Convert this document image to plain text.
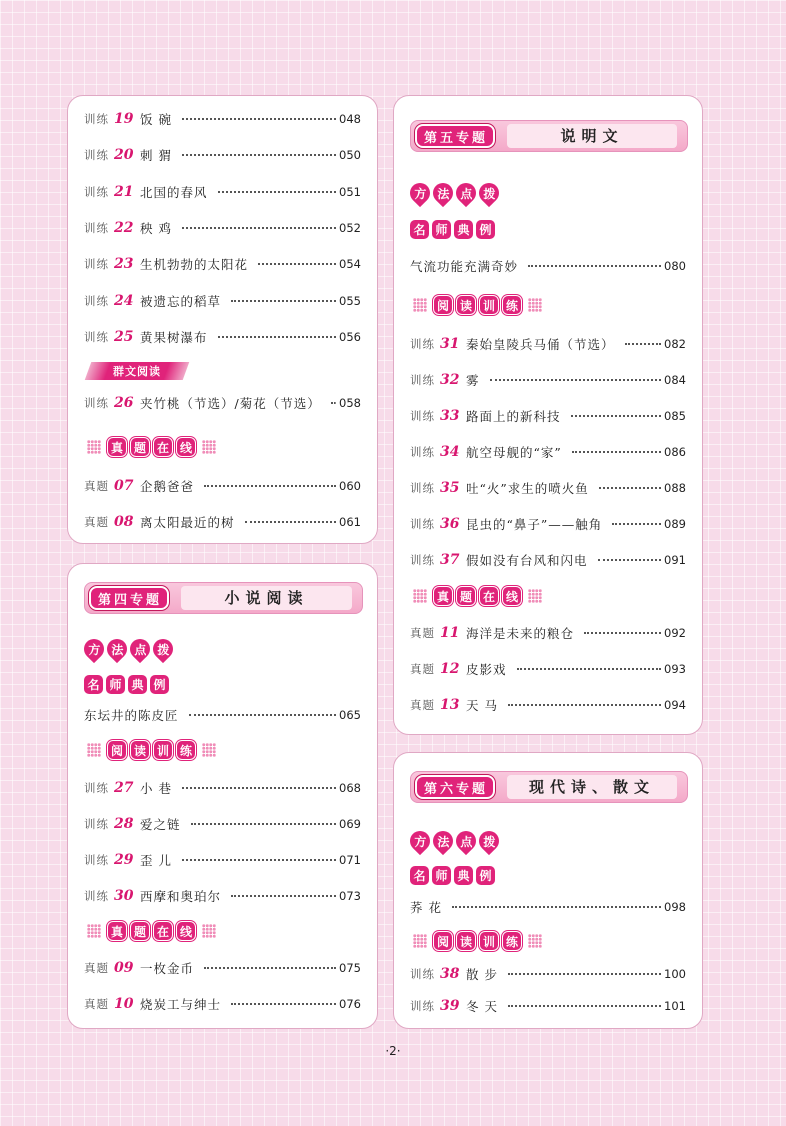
训练 19 饭 碗	048
训练 20 刺 猬	050
训练 21 北国的春风	051
训练 22 秧 鸡	052
训练 23 生机勃勃的太阳花	054
训练 24 被遗忘的稻草	055
训练 25 黄果树瀑布	056
群文阅读
训练 26 夹竹桃（节选）/菊花（节选） 058
真 题 在 线
真题 07 企鹅爸爸	060
真题 08 离太阳最近的树	061
第 四 专 题	小说阅读
方 法 点 拨
名 师 典 例
东坛井的陈皮匠	065
阅 读 训 练
训练 27 小 巷	068
训练 28 爱之链	069
训练 29 歪 儿	071
训练 30 西摩和奥珀尔	073
真 题 在 线
真题 09 一枚金币	075
真题 10 烧炭工与绅士	076
第 五 专 题	说明文
方 法 点 拨
名 师 典 例
气流功能充满奇妙	080
阅 读 训 练
训练 31 秦始皇陵兵马俑（节选）	082
训练 32 雾	084
训练 33 路面上的新科技	085
训练 34 航空母舰的“家”	086
训练 35 吐“火”求生的喷火鱼	088
训练 36 昆虫的“鼻子”——触角	089
训练 37 假如没有台风和闪电	091
真 题 在 线
真题 11 海洋是未来的粮仓	092
真题 12 皮影戏	093
真题 13 天 马	094
第 六 专 题	现代诗、散文
方 法 点 拨
名 师 典 例
荞 花	098
阅 读 训 练
训练 38 散 步	100
训练 39 冬 天	101
·2·
